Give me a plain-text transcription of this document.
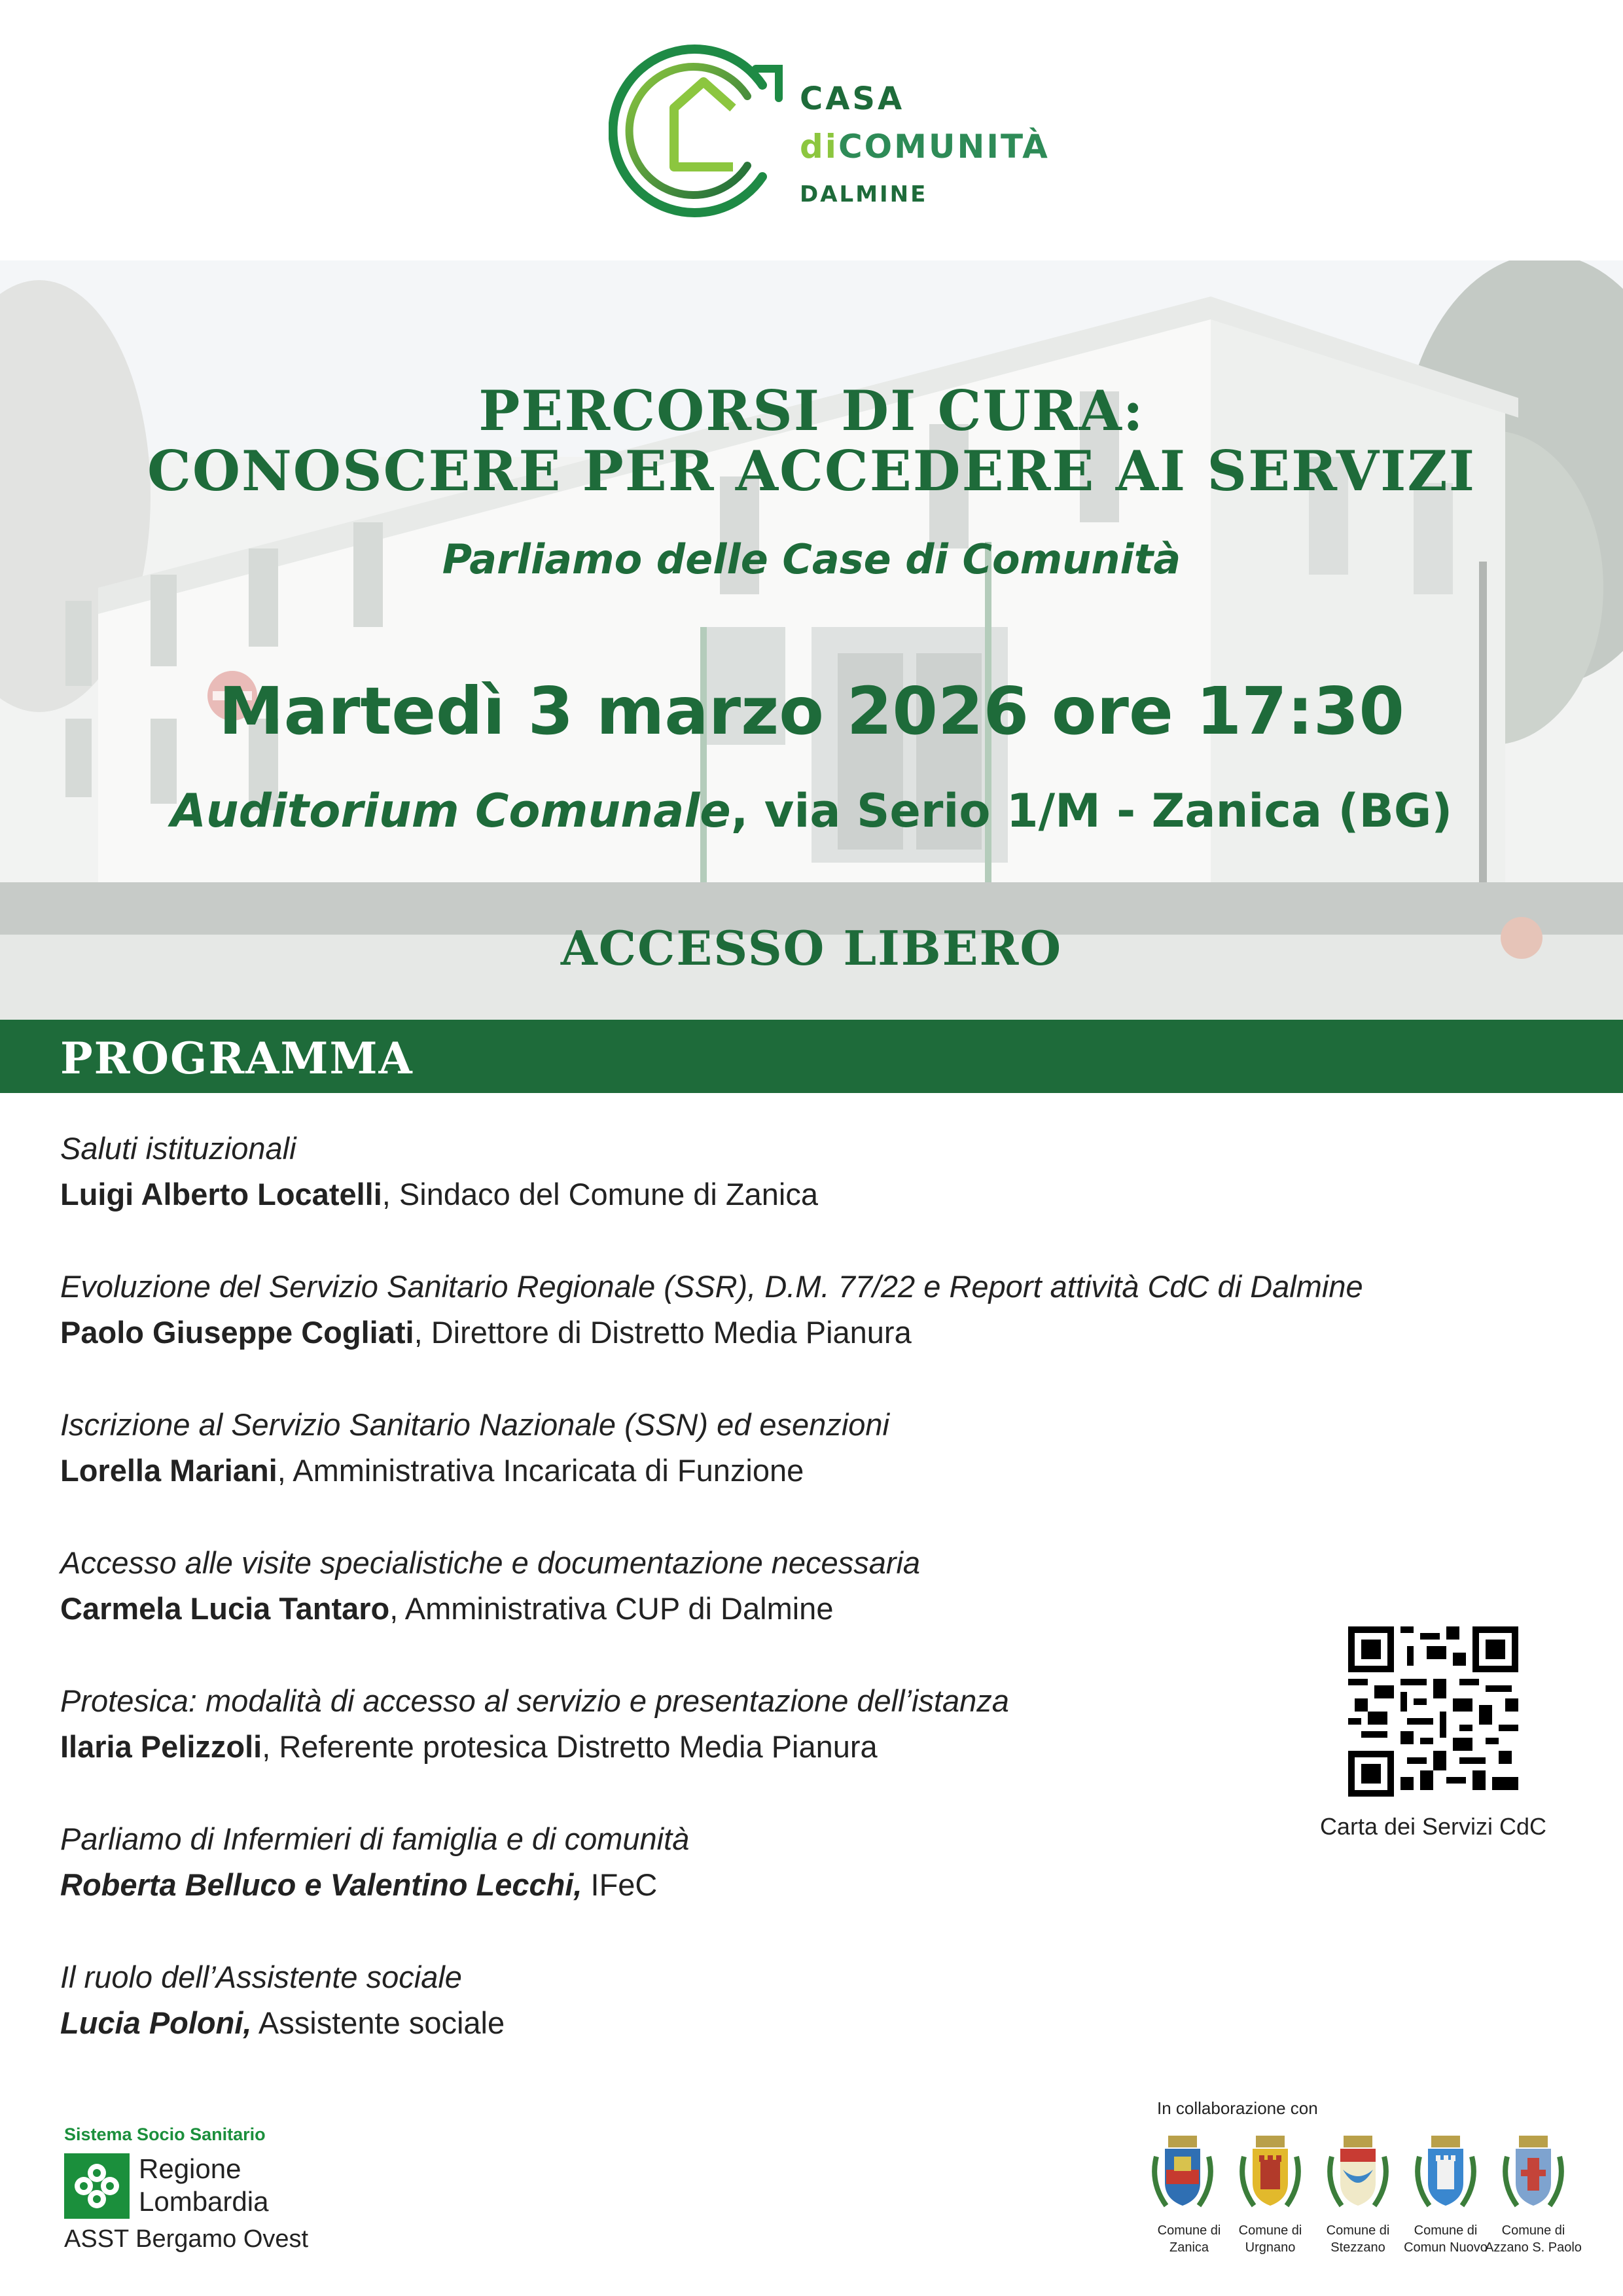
CASA
diCOMUNITÀ
DALMINE
PERCORSI DI CURA:
CONOSCERE PER ACCEDERE AI SERVIZI
Parliamo delle Case di Comunità
Martedì 3 marzo 2026 ore 17:30
Auditorium Comunale, via Serio 1/M - Zanica (BG)
ACCESSO LIBERO
PROGRAMMA
Saluti istituzionali
Luigi Alberto Locatelli, Sindaco del Comune di Zanica
Evoluzione del Servizio Sanitario Regionale (SSR), D.M. 77/22 e Report attività CdC di Dalmine
Paolo Giuseppe Cogliati, Direttore di Distretto Media Pianura
Iscrizione al Servizio Sanitario Nazionale (SSN) ed esenzioni
Lorella Mariani, Amministrativa Incaricata di Funzione
Accesso alle visite specialistiche e documentazione necessaria
Carmela Lucia Tantaro, Amministrativa CUP di Dalmine
Protesica: modalità di accesso al servizio e presentazione dell’istanza
Ilaria Pelizzoli, Referente protesica Distretto Media Pianura
Parliamo di Infermieri di famiglia e di comunità
Roberta Belluco e Valentino Lecchi, IFeC
Il ruolo dell’Assistente sociale
Lucia Poloni, Assistente sociale
Carta dei Servizi CdC
Sistema Socio Sanitario
Regione
Lombardia
ASST Bergamo Ovest
In collaborazione con
Comune di
Zanica
Comune di
Urgnano
Comune di
Stezzano
Comune di
Comun Nuovo
Comune di
Azzano S. Paolo
